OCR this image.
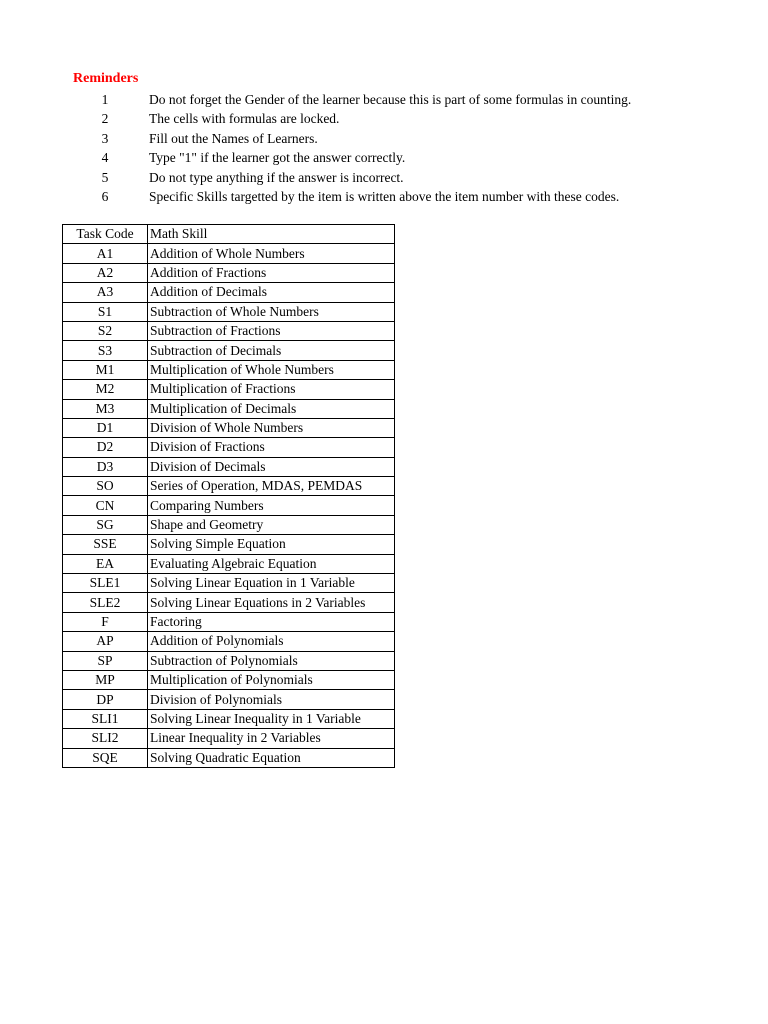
Reminders
1	Do not forget the Gender of the learner because this is part of some formulas in counting.
2	The cells with formulas are locked.
3	Fill out the Names of Learners.
4	Type "1" if the learner got the answer correctly.
5	Do not type anything if the answer is incorrect.
6	Specific Skills targetted by the item is written above the item number with these codes.
Task Code	Math Skill
A1	Addition of Whole Numbers
A2	Addition of Fractions
A3	Addition of Decimals
S1	Subtraction of Whole Numbers
S2	Subtraction of Fractions
S3	Subtraction of Decimals
M1	Multiplication of Whole Numbers
M2	Multiplication of Fractions
M3	Multiplication of Decimals
D1	Division of Whole Numbers
D2	Division of Fractions
D3	Division of Decimals
SO	Series of Operation, MDAS, PEMDAS
CN	Comparing Numbers
SG	Shape and Geometry
SSE	Solving Simple Equation
EA	Evaluating Algebraic Equation
SLE1	Solving Linear Equation in 1 Variable
SLE2	Solving Linear Equations in 2 Variables
F	Factoring
AP	Addition of Polynomials
SP	Subtraction of Polynomials
MP	Multiplication of Polynomials
DP	Division of Polynomials
SLI1	Solving Linear Inequality in 1 Variable
SLI2	Linear Inequality in 2 Variables
SQE	Solving Quadratic Equation
